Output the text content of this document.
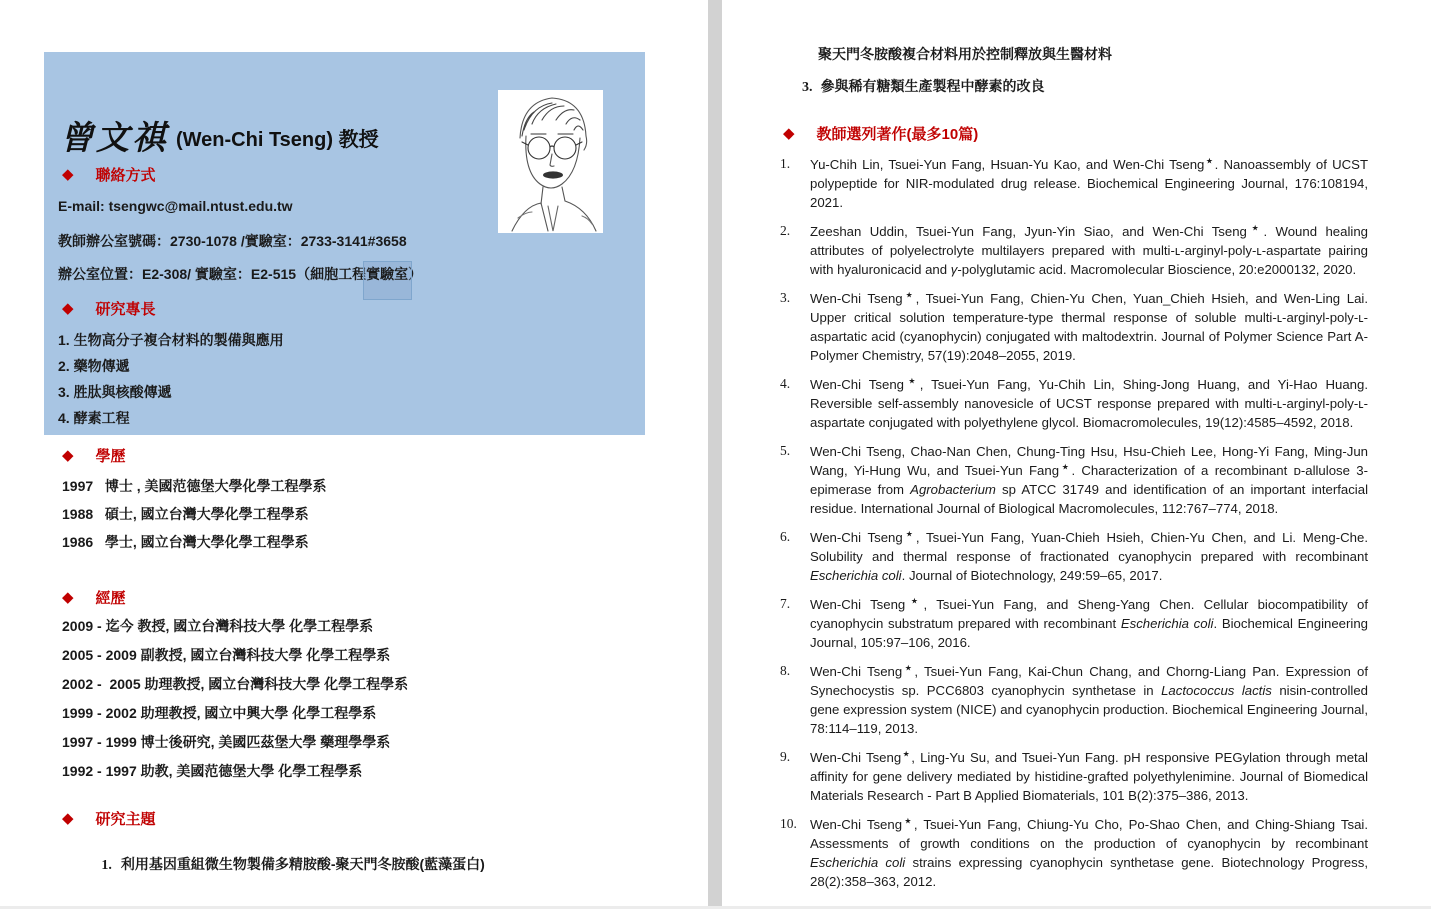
曾文祺 (Wen-Chi Tseng) 教授
◆ 聯絡方式
E-mail: tsengwc@mail.ntust.edu.tw
教師辦公室號碼：2730-1078 /實驗室：2733-3141#3658
辦公室位置：E2-308/ 實驗室：E2-515（細胞工程實驗室）
◆ 研究專長
1. 生物高分子複合材料的製備與應用
2. 藥物傳遞
3. 胜肽與核酸傳遞
4. 酵素工程
◆ 學歷
1997   博士 , 美國范德堡大學化學工程學系
1988   碩士, 國立台灣大學化學工程學系
1986   學士, 國立台灣大學化學工程學系
◆ 經歷
2009 - 迄今 教授, 國立台灣科技大學 化學工程學系
2005 - 2009 副教授, 國立台灣科技大學 化學工程學系
2002 -  2005 助理教授, 國立台灣科技大學 化學工程學系
1999 - 2002 助理教授, 國立中興大學 化學工程學系
1997 - 1999 博士後研究, 美國匹茲堡大學 藥理學學系
1992 - 1997 助教, 美國范德堡大學 化學工程學系
◆ 研究主題

1. 利用基因重組微生物製備多精胺酸-聚天門冬胺酸(藍藻蛋白)

聚天門冬胺酸複合材料用於控制釋放與生醫材料
3. 參與稀有糖類生產製程中酵素的改良
◆ 教師選列著作(最多10篇)
1.	Yu-Chih Lin, Tsuei-Yun Fang, Hsuan-Yu Kao, and Wen-Chi Tseng★. Nanoassembly of UCST polypeptide for NIR-modulated drug release. Biochemical Engineering Journal, 176:108194, 2021.
2.	Zeeshan Uddin, Tsuei-Yun Fang, Jyun-Yin Siao, and Wen-Chi Tseng★. Wound healing attributes of polyelectrolyte multilayers prepared with multi-ʟ-arginyl-poly-ʟ-aspartate pairing with hyaluronicacid and γ-polyglutamic acid. Macromolecular Bioscience, 20:e2000132, 2020.
3.	Wen-Chi Tseng★, Tsuei-Yun Fang, Chien-Yu Chen, Yuan_Chieh Hsieh, and Wen-Ling Lai. Upper critical solution temperature-type thermal response of soluble multi-ʟ-arginyl-poly-ʟ-aspartatic acid (cyanophycin) conjugated with maltodextrin. Journal of Polymer Science Part A-Polymer Chemistry, 57(19):2048–2055, 2019.
4.	Wen-Chi Tseng★, Tsuei-Yun Fang, Yu-Chih Lin, Shing-Jong Huang, and Yi-Hao Huang. Reversible self-assembly nanovesicle of UCST response prepared with multi-ʟ-arginyl-poly-ʟ-aspartate conjugated with polyethylene glycol. Biomacromolecules, 19(12):4585–4592, 2018.
5.	Wen-Chi Tseng, Chao-Nan Chen, Chung-Ting Hsu, Hsu-Chieh Lee, Hong-Yi Fang, Ming-Jun Wang, Yi-Hung Wu, and Tsuei-Yun Fang★. Characterization of a recombinant ᴅ-allulose 3-epimerase from Agrobacterium sp ATCC 31749 and identification of an important interfacial residue. International Journal of Biological Macromolecules, 112:767–774, 2018.
6.	Wen-Chi Tseng★, Tsuei-Yun Fang, Yuan-Chieh Hsieh, Chien-Yu Chen, and Li. Meng-Che. Solubility and thermal response of fractionated cyanophycin prepared with recombinant Escherichia coli. Journal of Biotechnology, 249:59–65, 2017.
7.	Wen-Chi Tseng★, Tsuei-Yun Fang, and Sheng-Yang Chen. Cellular biocompatibility of cyanophycin substratum prepared with recombinant Escherichia coli. Biochemical Engineering Journal, 105:97–106, 2016.
8.	Wen-Chi Tseng★, Tsuei-Yun Fang, Kai-Chun Chang, and Chorng-Liang Pan. Expression of Synechocystis sp. PCC6803 cyanophycin synthetase in Lactococcus lactis nisin-controlled gene expression system (NICE) and cyanophycin production. Biochemical Engineering Journal, 78:114–119, 2013.
9.	Wen-Chi Tseng★, Ling-Yu Su, and Tsuei-Yun Fang. pH responsive PEGylation through metal affinity for gene delivery mediated by histidine-grafted polyethylenimine. Journal of Biomedical Materials Research - Part B Applied Biomaterials, 101 B(2):375–386, 2013.
10. Wen-Chi Tseng★, Tsuei-Yun Fang, Chiung-Yu Cho, Po-Shao Chen, and Ching-Shiang Tsai. Assessments of growth conditions on the production of cyanophycin by recombinant Escherichia coli strains expressing cyanophycin synthetase gene. Biotechnology Progress, 28(2):358–363, 2012.
